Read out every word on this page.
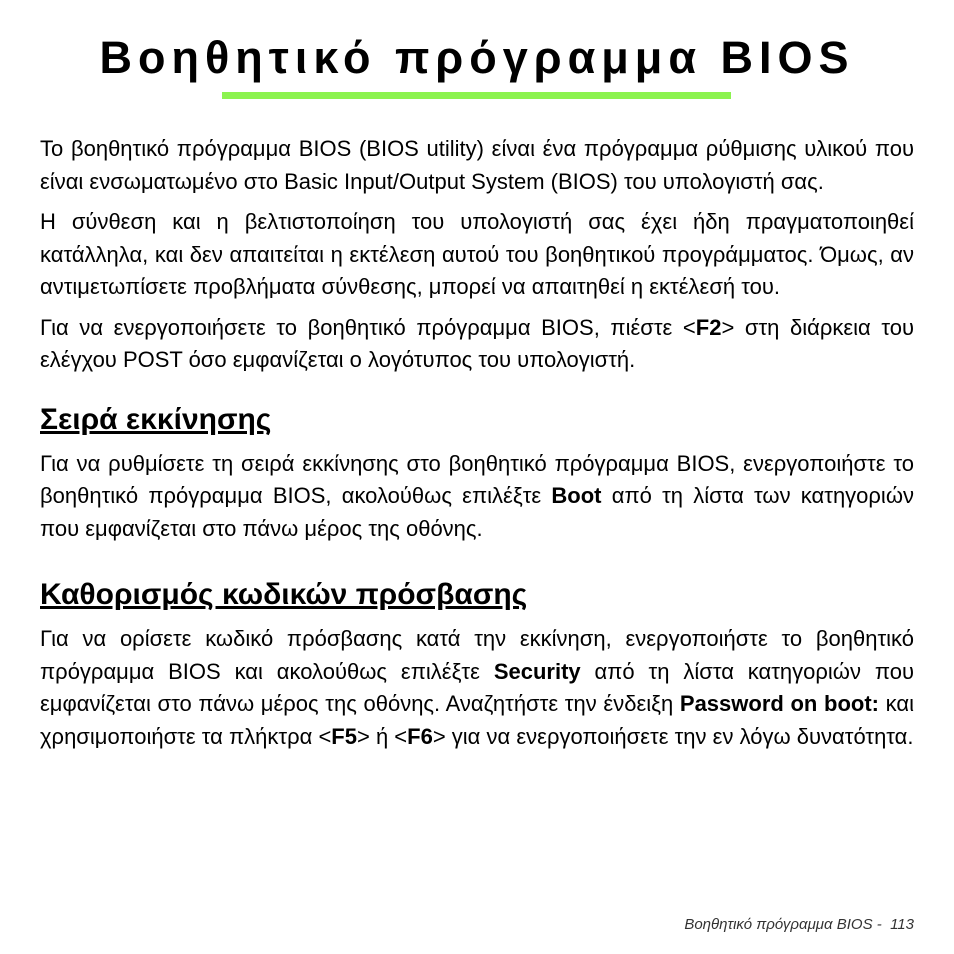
Βοηθητικό πρόγραμμα BIOS

Το βοηθητικό πρόγραμμα BIOS (BIOS utility) είναι ένα πρόγραμμα ρύθμισης υλικού που είναι ενσωματωμένο στο Basic Input/Output System (BIOS) του υπολογιστή σας.

Η σύνθεση και η βελτιστοποίηση του υπολογιστή σας έχει ήδη πραγματοποιηθεί κατάλληλα, και δεν απαιτείται η εκτέλεση αυτού του βοηθητικού προγράμματος. Όμως, αν αντιμετωπίσετε προβλήματα σύνθεσης, μπορεί να απαιτηθεί η εκτέλεσή του.

Για να ενεργοποιήσετε το βοηθητικό πρόγραμμα BIOS, πιέστε <F2> στη διάρκεια του ελέγχου POST όσο εμφανίζεται ο λογότυπος του υπολογιστή.

Σειρά εκκίνησης

Για να ρυθμίσετε τη σειρά εκκίνησης στο βοηθητικό πρόγραμμα BIOS, ενεργοποιήστε το βοηθητικό πρόγραμμα BIOS, ακολούθως επιλέξτε Boot από τη λίστα των κατηγοριών που εμφανίζεται στο πάνω μέρος της οθόνης.

Καθορισμός κωδικών πρόσβασης

Για να ορίσετε κωδικό πρόσβασης κατά την εκκίνηση, ενεργοποιήστε το βοηθητικό πρόγραμμα BIOS και ακολούθως επιλέξτε Security από τη λίστα κατηγοριών που εμφανίζεται στο πάνω μέρος της οθόνης. Αναζητήστε την ένδειξη Password on boot: και χρησιμοποιήστε τα πλήκτρα <F5> ή <F6> για να ενεργοποιήσετε την εν λόγω δυνατότητα.

Βοηθητικό πρόγραμμα BIOS -  113
